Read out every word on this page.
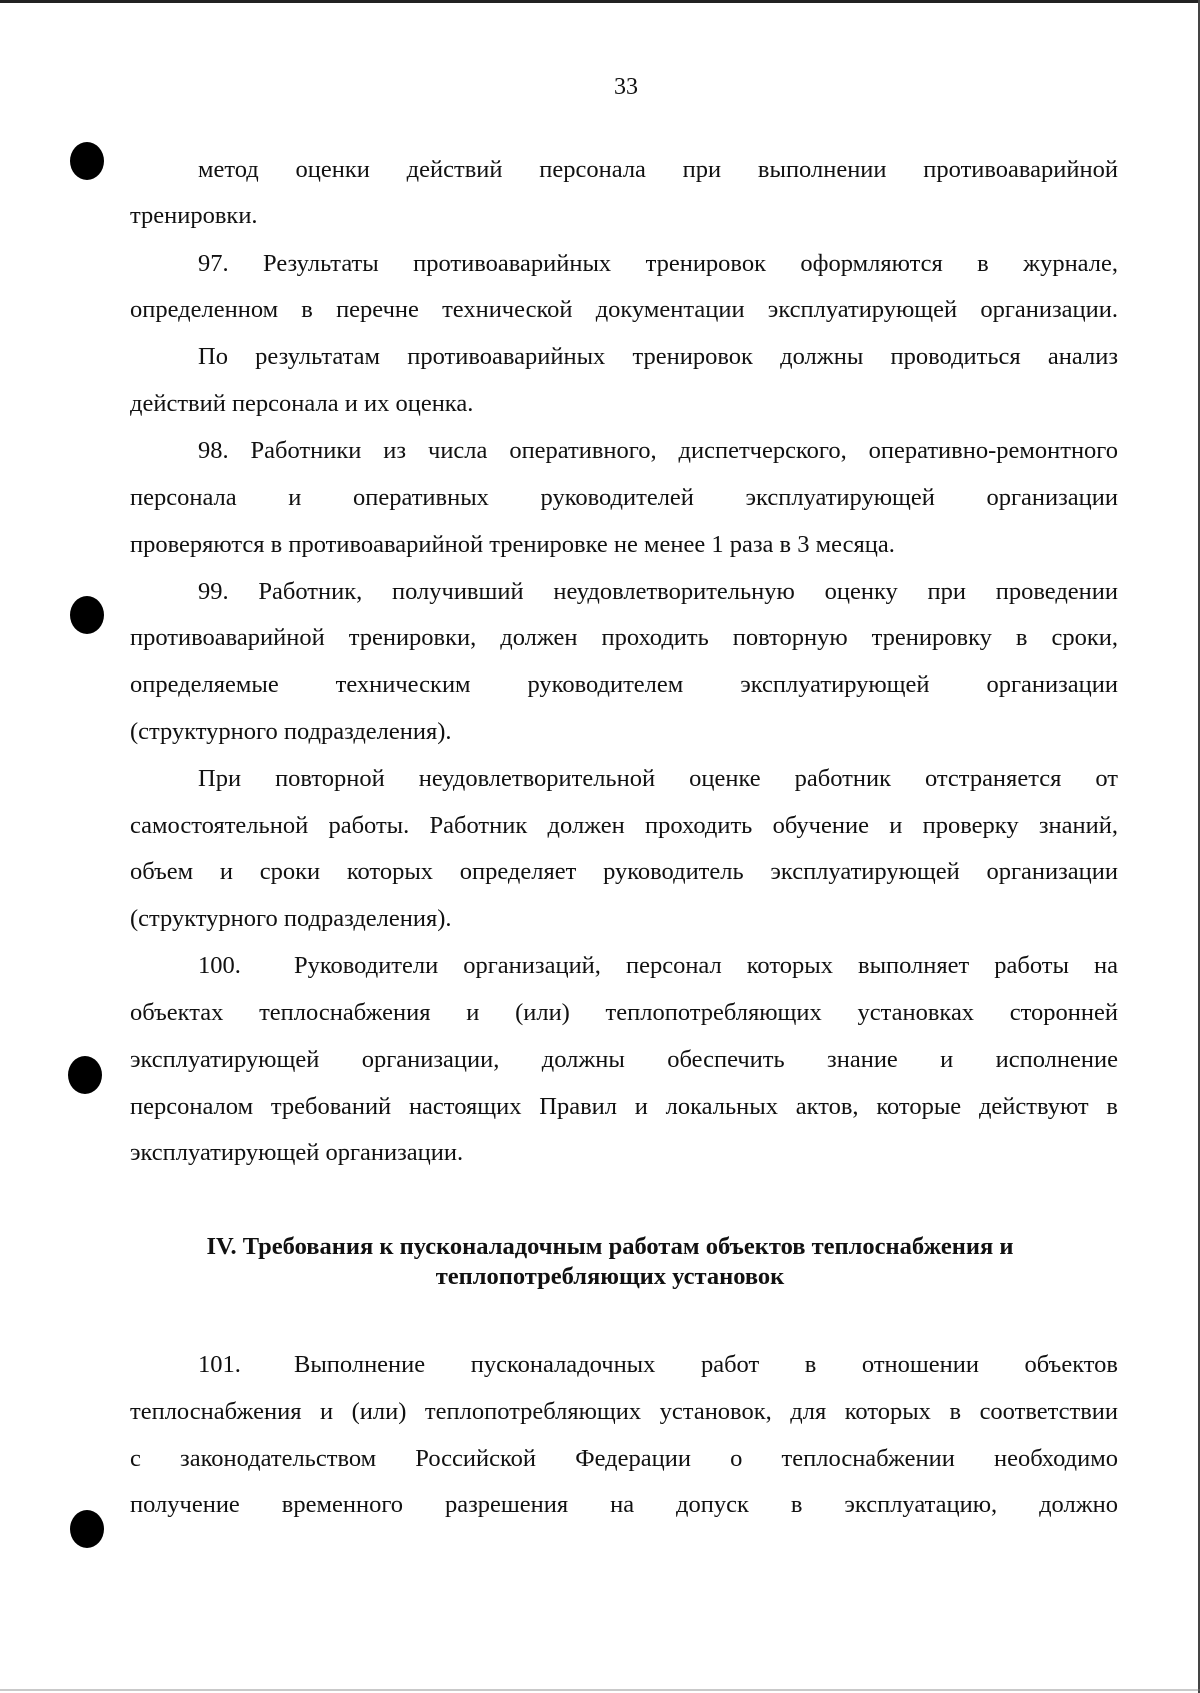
33
метод оценки действий персонала при выполнении противоаварийной
тренировки.
97. Результаты противоаварийных тренировок оформляются в журнале,
определенном в перечне технической документации эксплуатирующей организации.
По результатам противоаварийных тренировок должны проводиться анализ
действий персонала и их оценка.
98. Работники из числа оперативного, диспетчерского, оперативно-ремонтного
персонала и оперативных руководителей эксплуатирующей организации
проверяются в противоаварийной тренировке не менее 1 раза в 3 месяца.
99. Работник, получивший неудовлетворительную оценку при проведении
противоаварийной тренировки, должен проходить повторную тренировку в сроки,
определяемые техническим руководителем эксплуатирующей организации
(структурного подразделения).
При повторной неудовлетворительной оценке работник отстраняется от
самостоятельной работы. Работник должен проходить обучение и проверку знаний,
объем и сроки которых определяет руководитель эксплуатирующей организации
(структурного подразделения).
100.	Руководители организаций, персонал которых выполняет работы на
объектах теплоснабжения и (или) теплопотребляющих установках сторонней
эксплуатирующей организации, должны обеспечить знание и исполнение
персоналом требований настоящих Правил и локальных актов, которые действуют в
эксплуатирующей организации.
IV. Требования к пусконаладочным работам объектов теплоснабжения и
теплопотребляющих установок
101.	Выполнение пусконаладочных работ в отношении объектов
теплоснабжения и (или) теплопотребляющих установок, для которых в соответствии
с законодательством Российской Федерации о теплоснабжении необходимо
получение временного разрешения на допуск в эксплуатацию, должно
